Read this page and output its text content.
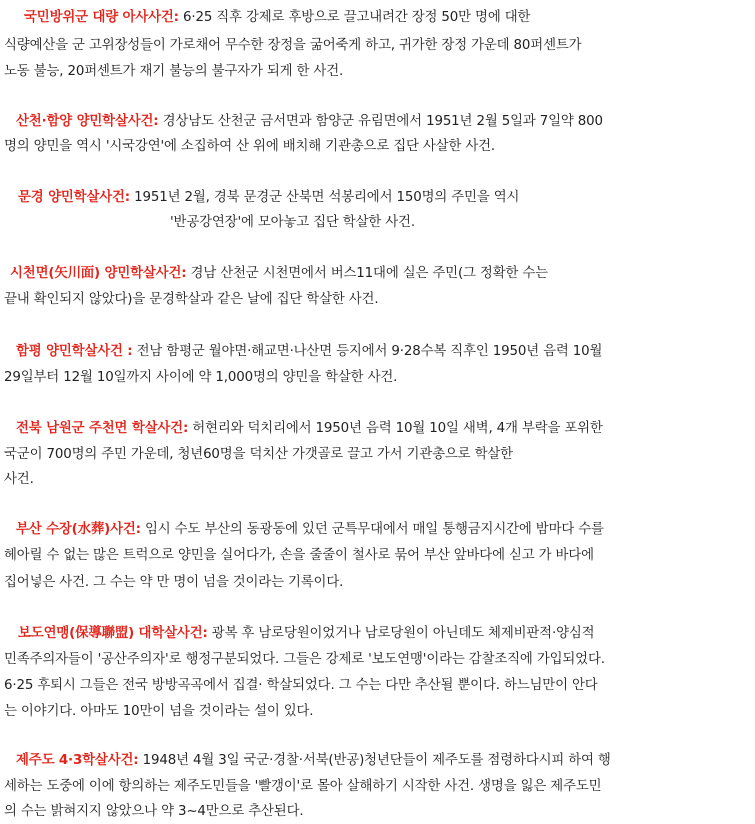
국민방위군 대량 아사사건: 6·25 직후 강제로 후방으로 끌고내려간 장정 50만 명에 대한
식량예산을 군 고위장성들이 가로채어 무수한 장정을 굶어죽게 하고, 귀가한 장정 가운데 80퍼센트가
노동 불능, 20퍼센트가 재기 불능의 불구자가 되게 한 사건.
산천·함양 양민학살사건: 경상남도 산천군 금서면과 함양군 유림면에서 1951년 2월 5일과 7일약 800
명의 양민을 역시 '시국강연'에 소집하여 산 위에 배치해 기관총으로 집단 사살한 사건.
문경 양민학살사건: 1951년 2월, 경북 문경군 산북면 석봉리에서 150명의 주민을 역시
'반공강연장'에 모아놓고 집단 학살한 사건.
시천면(矢川面) 양민학살사건: 경남 산천군 시천면에서 버스11대에 실은 주민(그 정확한 수는
끝내 확인되지 않았다)을 문경학살과 같은 날에 집단 학살한 사건.
함평 양민학살사건 : 전남 함평군 월야면·해교면·나산면 등지에서 9·28수복 직후인 1950년 음력 10월
29일부터 12월 10일까지 사이에 약 1,000명의 양민을 학살한 사건.
전북 남원군 주천면 학살사건: 허현리와 덕치리에서 1950년 음력 10월 10일 새벽, 4개 부락을 포위한
국군이 700명의 주민 가운데, 청년60명을 덕치산 가갯골로 끌고 가서 기관총으로 학살한
사건.
부산 수장(水葬)사건: 임시 수도 부산의 동광동에 있던 군특무대에서 매일 통행금지시간에 밤마다 수를
헤아릴 수 없는 많은 트럭으로 양민을 실어다가, 손을 줄줄이 철사로 묶어 부산 앞바다에 싣고 가 바다에
집어넣은 사건. 그 수는 약 만 명이 넘을 것이라는 기록이다.
보도연맹(保導聯盟) 대학살사건: 광복 후 남로당원이었거나 남로당원이 아닌데도 체제비판적·양심적
민족주의자들이 '공산주의자'로 행정구분되었다. 그들은 강제로 '보도연맹'이라는 감찰조직에 가입되었다.
6·25 후퇴시 그들은 전국 방방곡곡에서 집결· 학살되었다. 그 수는 다만 추산될 뿐이다. 하느님만이 안다
는 이야기다. 아마도 10만이 넘을 것이라는 설이 있다.
제주도 4·3학살사건: 1948년 4월 3일 국군·경찰·서북(반공)청년단들이 제주도를 점령하다시피 하여 행
세하는 도중에 이에 항의하는 제주도민들을 '빨갱이'로 몰아 살해하기 시작한 사건. 생명을 잃은 제주도민
의 수는 밝혀지지 않았으나 약 3~4만으로 추산된다.
